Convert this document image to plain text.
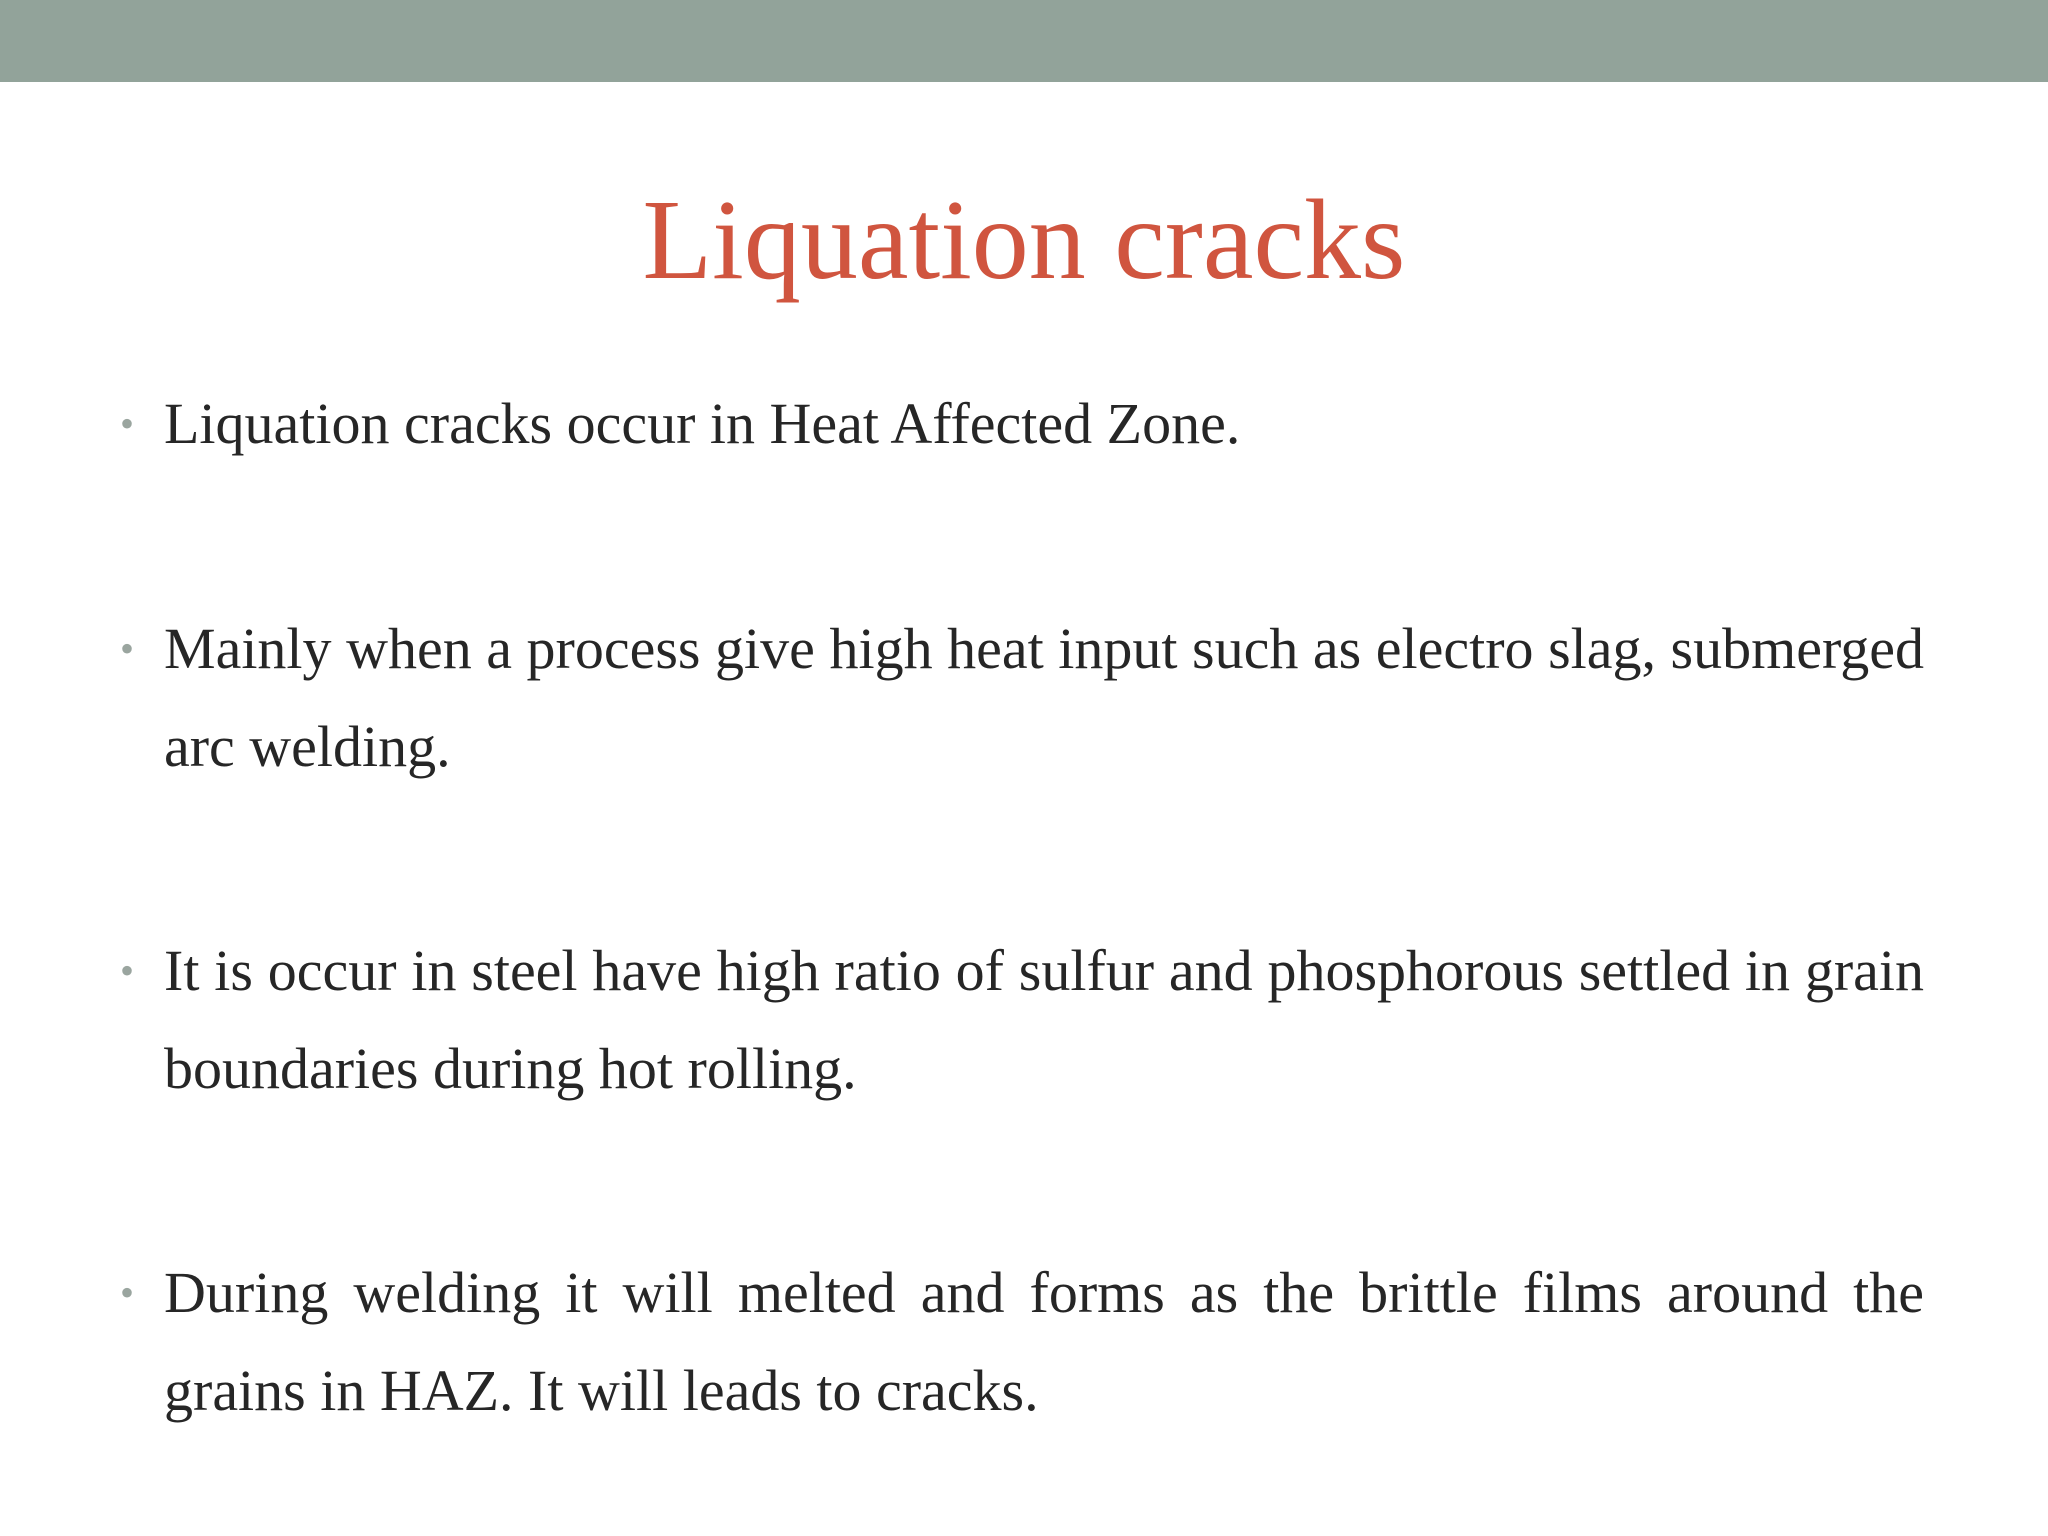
Liquation cracks
• Liquation cracks occur in Heat Affected Zone.
• Mainly when a process give high heat input such as electro slag, submerged arc welding.
• It is occur in steel have high ratio of sulfur and phosphorous settled in grain boundaries during hot rolling.
• During welding it will melted and forms as the brittle films around the grains in HAZ. It will leads to cracks.
